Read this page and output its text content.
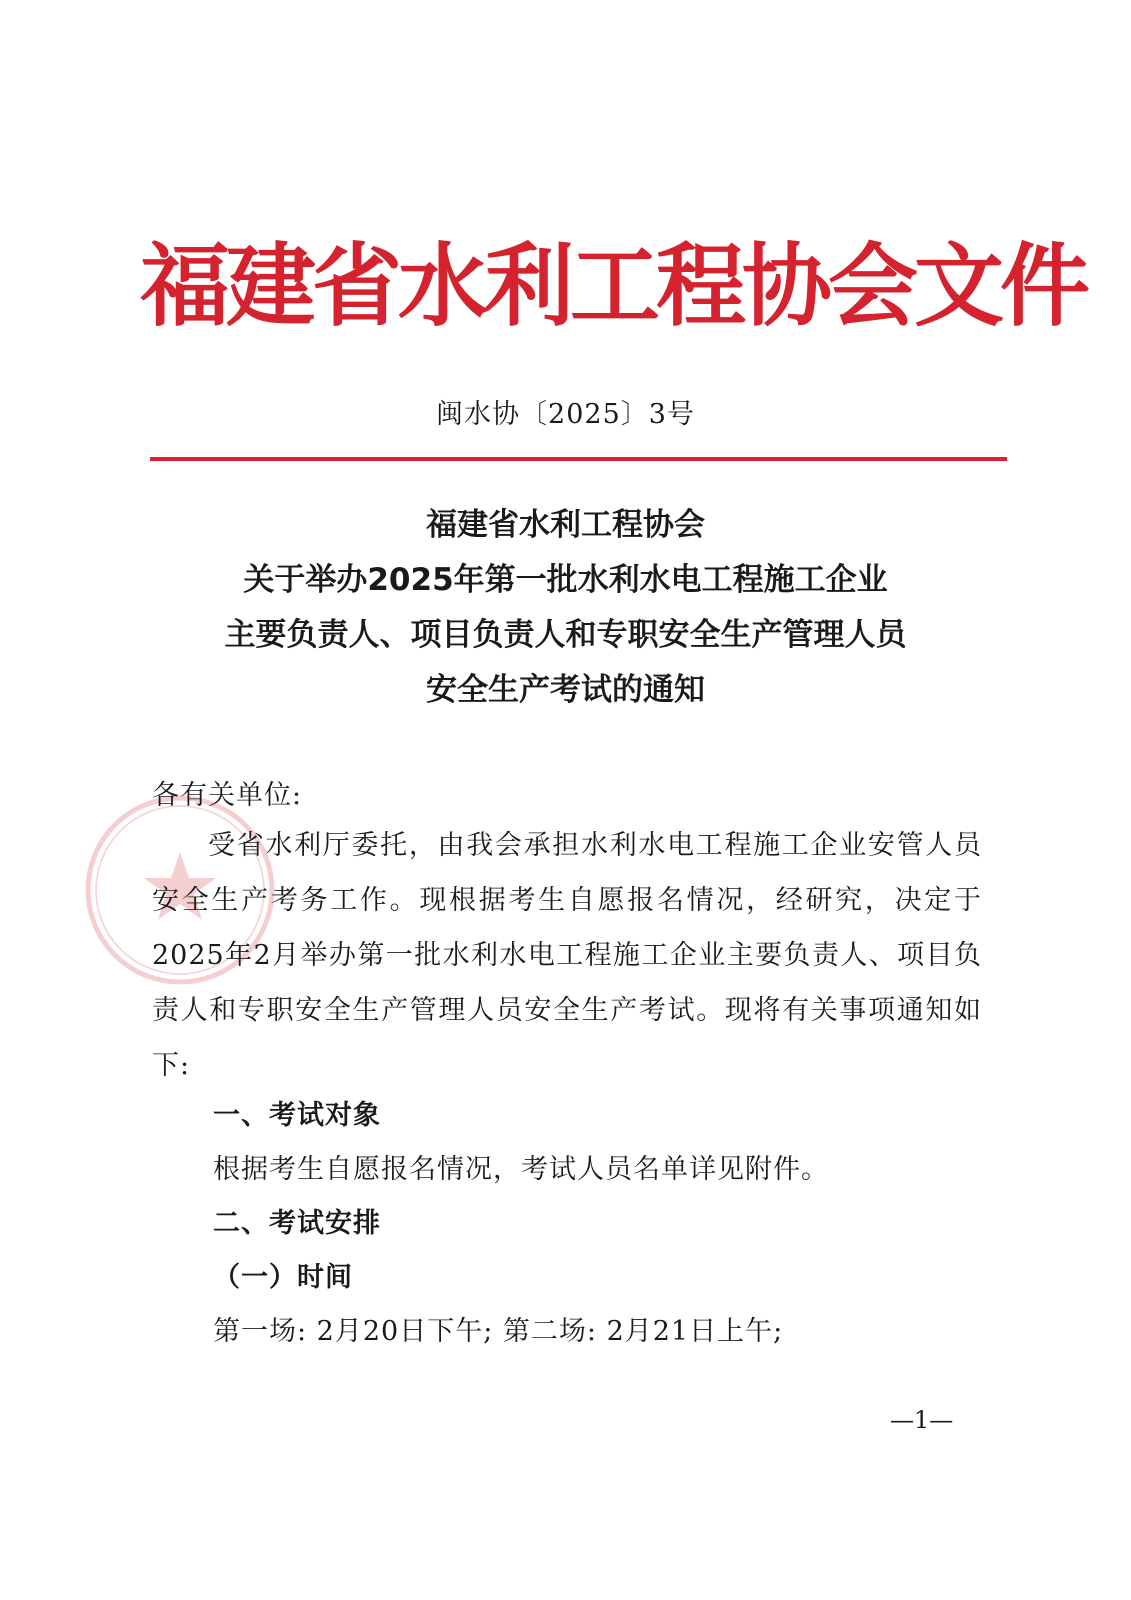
福建省水利工程协会文件
闽水协〔2025〕3号
福建省水利工程协会
关于举办2025年第一批水利水电工程施工企业
主要负责人、项目负责人和专职安全生产管理人员
安全生产考试的通知
各有关单位:
受省水利厅委托，由我会承担水利水电工程施工企业安管人员安全生产考务工作。现根据考生自愿报名情况，经研究，决定于2025年2月举办第一批水利水电工程施工企业主要负责人、项目负责人和专职安全生产管理人员安全生产考试。现将有关事项通知如下:
一、考试对象
根据考生自愿报名情况，考试人员名单详见附件。
二、考试安排
（一）时间
第一场: 2月20日下午; 第二场: 2月21日上午;
—1—
